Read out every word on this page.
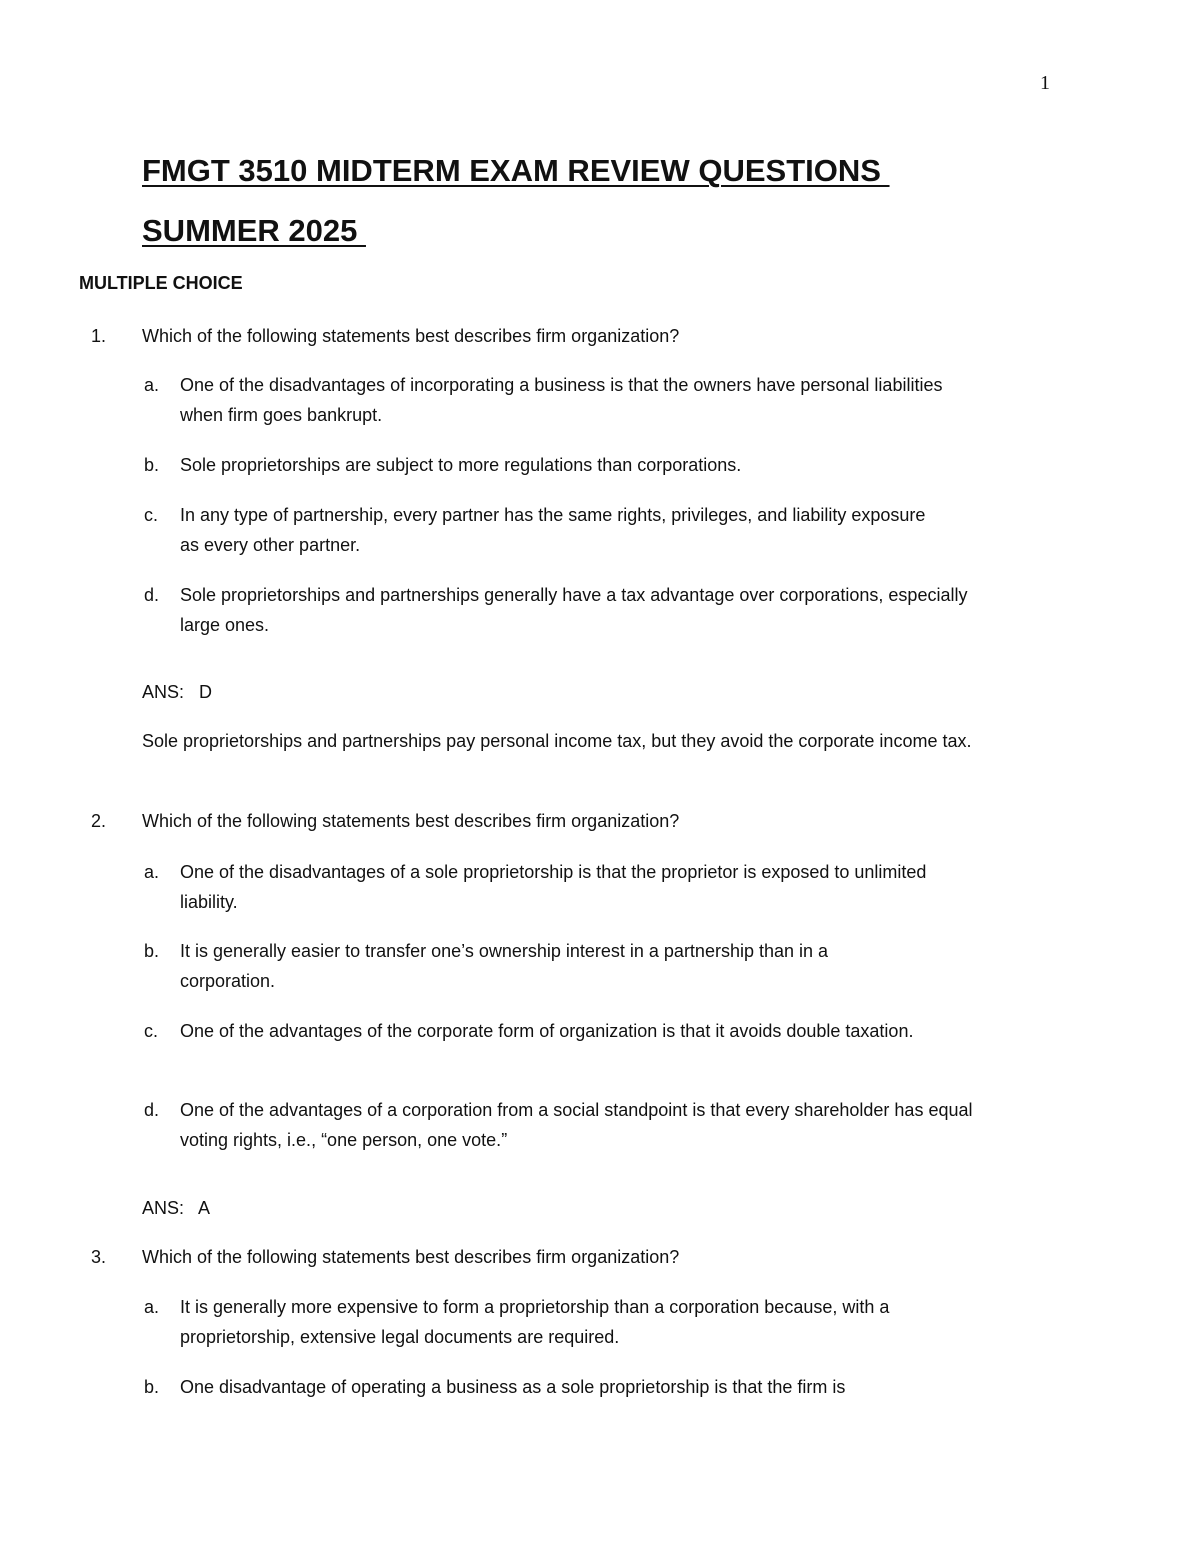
1
FMGT 3510 MIDTERM EXAM REVIEW QUESTIONS
SUMMER 2025
MULTIPLE CHOICE
1. Which of the following statements best describes firm organization?
a.	One of the disadvantages of incorporating a business is that the owners have personal liabilities when firm goes bankrupt.
b.	Sole proprietorships are subject to more regulations than corporations.
c.	In any type of partnership, every partner has the same rights, privileges, and liability exposure as every other partner.
d.	Sole proprietorships and partnerships generally have a tax advantage over corporations, especially large ones.
ANS:   D
Sole proprietorships and partnerships pay personal income tax, but they avoid the corporate income tax.
2. Which of the following statements best describes firm organization?
a.	One of the disadvantages of a sole proprietorship is that the proprietor is exposed to unlimited liability.
b.	It is generally easier to transfer one’s ownership interest in a partnership than in a corporation.
c.	One of the advantages of the corporate form of organization is that it avoids double taxation.
d.	One of the advantages of a corporation from a social standpoint is that every shareholder has equal voting rights, i.e., “one person, one vote.”
ANS:   A
3. Which of the following statements best describes firm organization?
a.	It is generally more expensive to form a proprietorship than a corporation because, with a proprietorship, extensive legal documents are required.
b.	One disadvantage of operating a business as a sole proprietorship is that the firm is
